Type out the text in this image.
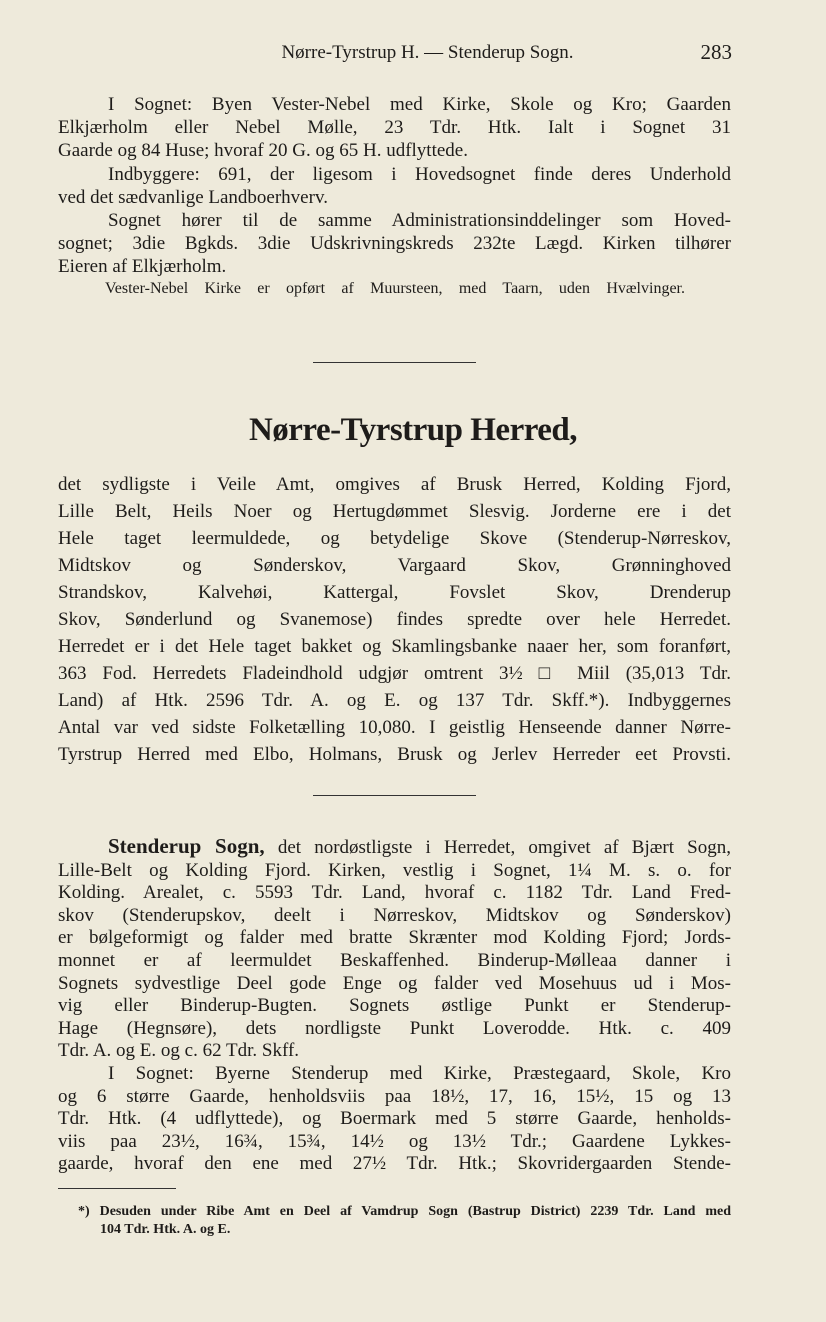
Nørre-Tyrstrup H. — Stenderup Sogn.	283
I Sognet: Byen Vester-Nebel med Kirke, Skole og Kro; Gaarden
Elkjærholm eller Nebel Mølle, 23 Tdr. Htk. Ialt i Sognet 31
Gaarde og 84 Huse; hvoraf 20 G. og 65 H. udflyttede.
Indbyggere: 691, der ligesom i Hovedsognet finde deres Underhold
ved det sædvanlige Landboerhverv.
Sognet hører til de samme Administrationsinddelinger som Hoved-
sognet; 3die Bgkds. 3die Udskrivningskreds 232te Lægd. Kirken tilhører
Eieren af Elkjærholm.
Vester-Nebel Kirke er opført af Muursteen, med Taarn, uden Hvælvinger.
Nørre-Tyrstrup Herred,
det sydligste i Veile Amt, omgives af Brusk Herred, Kolding Fjord,
Lille Belt, Heils Noer og Hertugdømmet Slesvig. Jorderne ere i det
Hele taget leermuldede, og betydelige Skove (Stenderup-Nørreskov,
Midtskov og Sønderskov, Vargaard Skov, Grønninghoved
Strandskov, Kalvehøi, Kattergal, Fovslet Skov, Drenderup
Skov, Sønderlund og Svanemose) findes spredte over hele Herredet.
Herredet er i det Hele taget bakket og Skamlingsbanke naaer her, som foranført,
363 Fod. Herredets Fladeindhold udgjør omtrent 3½ □ Miil (35,013 Tdr.
Land) af Htk. 2596 Tdr. A. og E. og 137 Tdr. Skff.*). Indbyggernes
Antal var ved sidste Folketælling 10,080. I geistlig Henseende danner Nørre-
Tyrstrup Herred med Elbo, Holmans, Brusk og Jerlev Herreder eet Provsti.
Stenderup Sogn, det nordøstligste i Herredet, omgivet af Bjært Sogn,
Lille-Belt og Kolding Fjord. Kirken, vestlig i Sognet, 1¼ M. s. o. for
Kolding. Arealet, c. 5593 Tdr. Land, hvoraf c. 1182 Tdr. Land Fred-
skov (Stenderupskov, deelt i Nørreskov, Midtskov og Sønderskov)
er bølgeformigt og falder med bratte Skrænter mod Kolding Fjord; Jords-
monnet er af leermuldet Beskaffenhed. Binderup-Mølleaa danner i
Sognets sydvestlige Deel gode Enge og falder ved Mosehuus ud i Mos-
vig eller Binderup-Bugten. Sognets østlige Punkt er Stenderup-
Hage (Hegnsøre), dets nordligste Punkt Loverodde. Htk. c. 409
Tdr. A. og E. og c. 62 Tdr. Skff.
I Sognet: Byerne Stenderup med Kirke, Præstegaard, Skole, Kro
og 6 større Gaarde, henholdsviis paa 18½, 17, 16, 15½, 15 og 13
Tdr. Htk. (4 udflyttede), og Boermark med 5 større Gaarde, henholds-
viis paa 23½, 16¾, 15¾, 14½ og 13½ Tdr.; Gaardene Lykkes-
gaarde, hvoraf den ene med 27½ Tdr. Htk.; Skovridergaarden Stende-
*) Desuden under Ribe Amt en Deel af Vamdrup Sogn (Bastrup District) 2239 Tdr. Land med
104 Tdr. Htk. A. og E.
